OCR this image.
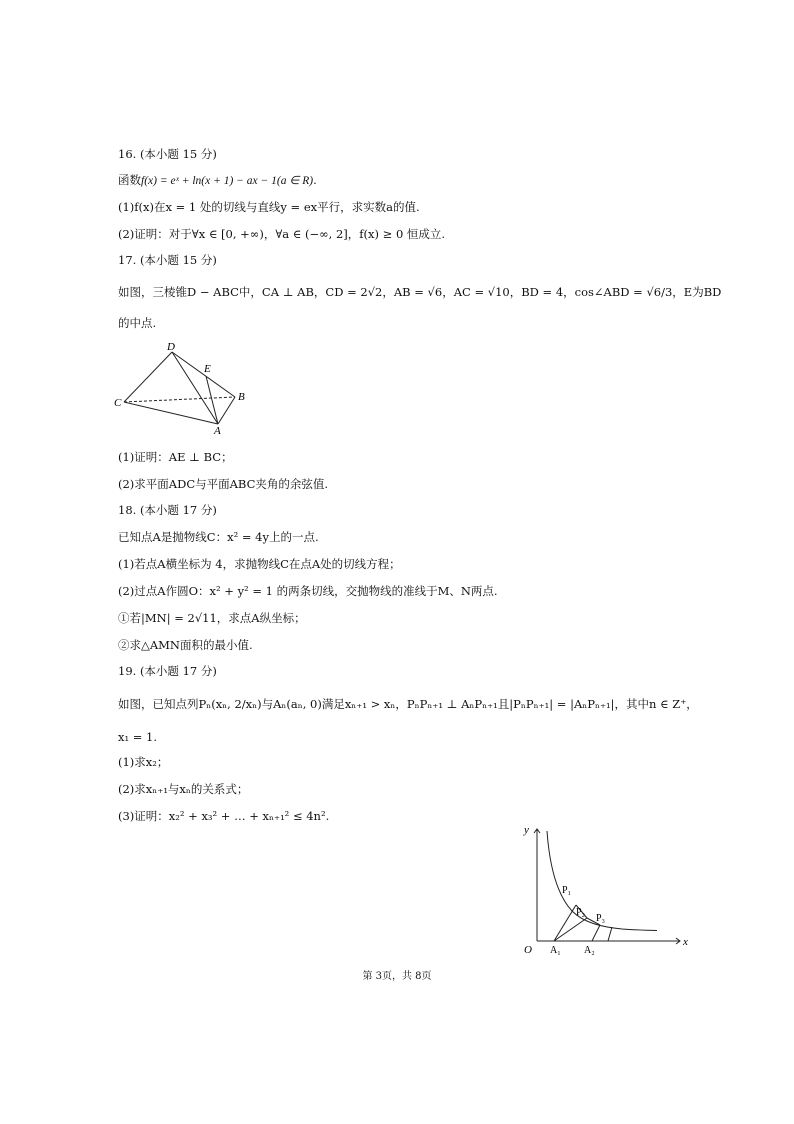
16. (本小题 15 分)
函数f(x) = eˣ + ln(x + 1) − ax − 1(a ∈ R).
(1)f(x)在x = 1 处的切线与直线y = ex平行，求实数a的值.
(2)证明：对于∀x ∈ [0, +∞)，∀a ∈ (−∞, 2]，f(x) ≥ 0 恒成立.
17. (本小题 15 分)
如图，三棱锥D − ABC中，CA ⊥ AB，CD = 2√2，AB = √6，AC = √10，BD = 4，cos∠ABD = √6/3，E为BD
的中点.
D
E
B
C
A
(1)证明：AE ⊥ BC；
(2)求平面ADC与平面ABC夹角的余弦值.
18. (本小题 17 分)
已知点A是抛物线C：x² = 4y上的一点.
(1)若点A横坐标为 4，求抛物线C在点A处的切线方程；
(2)过点A作圆O：x² + y² = 1 的两条切线，交抛物线的准线于M、N两点.
①若|MN| = 2√11，求点A纵坐标；
②求△AMN面积的最小值.
19. (本小题 17 分)
如图，已知点列Pₙ(xₙ, 2/xₙ)与Aₙ(aₙ, 0)满足xₙ₊₁ > xₙ，PₙPₙ₊₁ ⊥ AₙPₙ₊₁且|PₙPₙ₊₁| = |AₙPₙ₊₁|，其中n ∈ Z⁺，
x₁ = 1.
(1)求x₂；
(2)求xₙ₊₁与xₙ的关系式；
(3)证明：x₂² + x₃² + … + xₙ₊₁² ≤ 4n².
y
x
O
P₁
P₂
P₃
A₁ A₂
第 3页，共 8页
